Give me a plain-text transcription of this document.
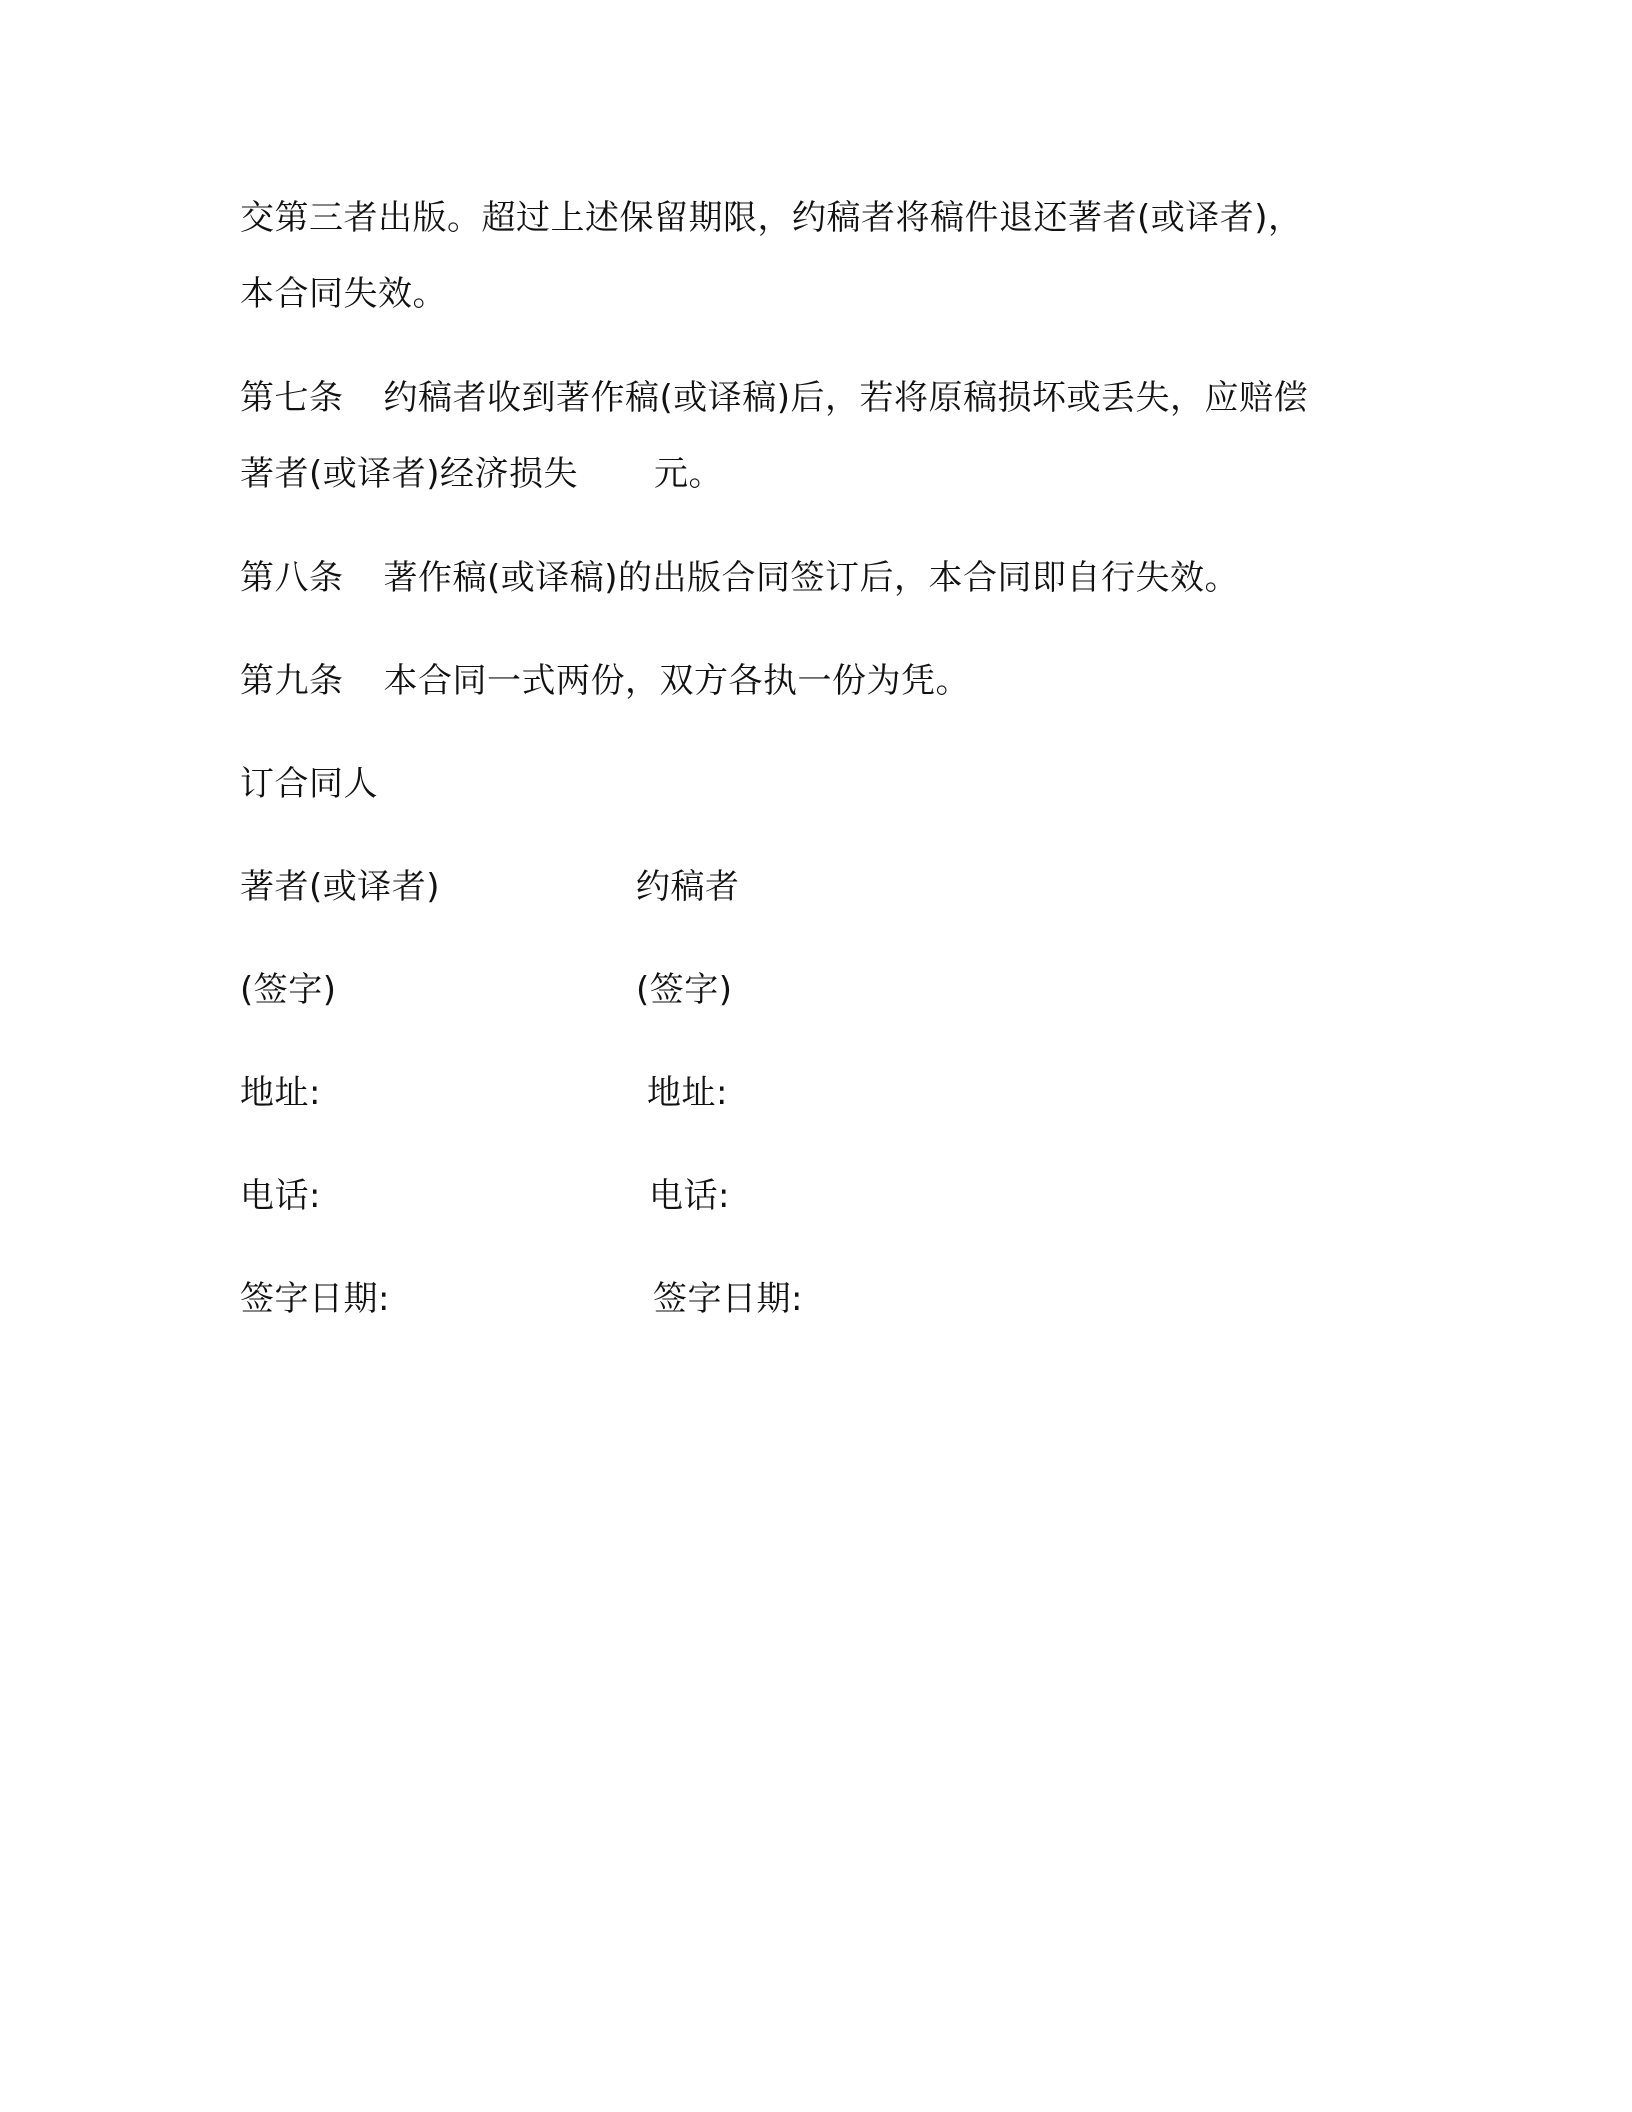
交第三者出版。超过上述保留期限，约稿者将稿件退还著者(或译者)，
本合同失效。
第七条 约稿者收到著作稿(或译稿)后，若将原稿损坏或丢失，应赔偿
著者(或译者)经济损失 元。
第八条 著作稿(或译稿)的出版合同签订后，本合同即自行失效。
第九条 本合同一式两份，双方各执一份为凭。
订合同人
著者(或译者)
(签字)
地址:
电话:
签字日期:
约稿者
(签字)
地址:
电话:
签字日期:
